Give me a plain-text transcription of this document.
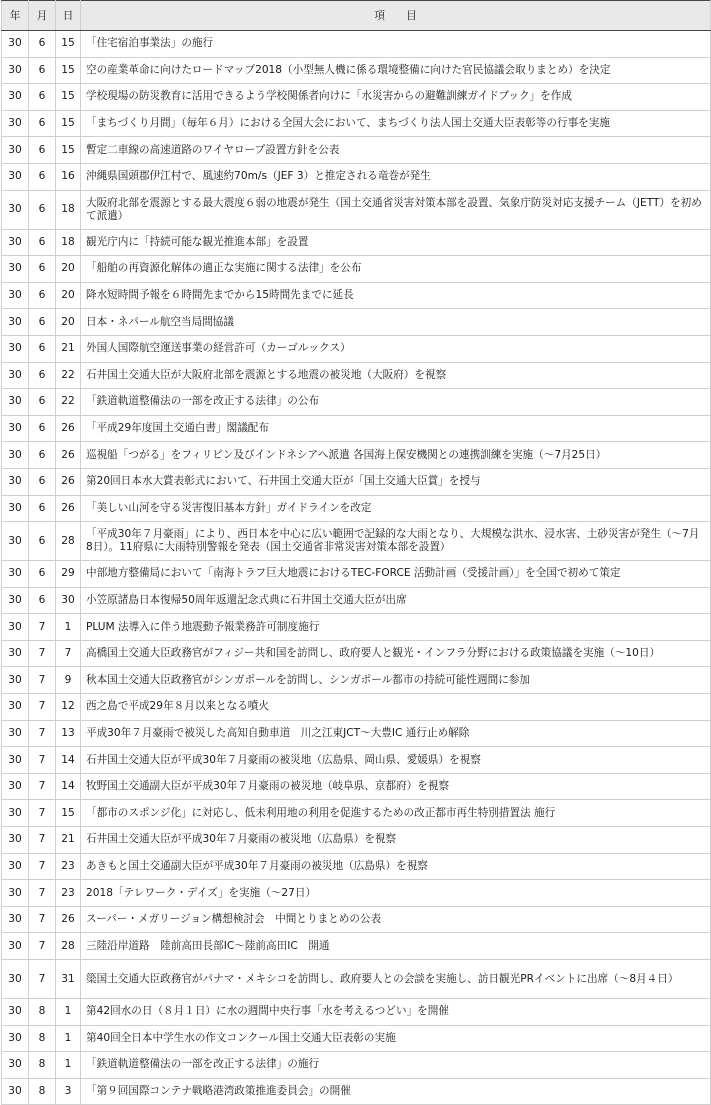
年	月	日	項　　目
30	6	15	「住宅宿泊事業法」の施行
30	6	15	空の産業革命に向けたロードマップ2018（小型無人機に係る環境整備に向けた官民協議会取りまとめ）を決定
30	6	15	学校現場の防災教育に活用できるよう学校関係者向けに「水災害からの避難訓練ガイドブック」を作成
30	6	15	「まちづくり月間」（毎年６月）における全国大会において、まちづくり法人国土交通大臣表彰等の行事を実施
30	6	15	暫定二車線の高速道路のワイヤロープ設置方針を公表
30	6	16	沖縄県国頭郡伊江村で、風速約70m/s（JEF 3）と推定される竜巻が発生
30	6	18	大阪府北部を震源とする最大震度６弱の地震が発生（国土交通省災害対策本部を設置、気象庁防災対応支援チーム（JETT）を初めて派遣）
30	6	18	観光庁内に「持続可能な観光推進本部」を設置
30	6	20	「船舶の再資源化解体の適正な実施に関する法律」を公布
30	6	20	降水短時間予報を６時間先までから15時間先までに延長
30	6	20	日本・ネパール航空当局間協議
30	6	21	外国人国際航空運送事業の経営許可（カーゴルックス）
30	6	22	石井国土交通大臣が大阪府北部を震源とする地震の被災地（大阪府）を視察
30	6	22	「鉄道軌道整備法の一部を改正する法律」の公布
30	6	26	「平成29年度国土交通白書」閣議配布
30	6	26	巡視船「つがる」をフィリピン及びインドネシアへ派遣 各国海上保安機関との連携訓練を実施（～7月25日）
30	6	26	第20回日本水大賞表彰式において、石井国土交通大臣が「国土交通大臣賞」を授与
30	6	26	「美しい山河を守る災害復旧基本方針」ガイドラインを改定
30	6	28	「平成30年７月豪雨」により、西日本を中心に広い範囲で記録的な大雨となり、大規模な洪水、浸水害、土砂災害が発生（～7月8日）。11府県に大雨特別警報を発表（国土交通省非常災害対策本部を設置）
30	6	29	中部地方整備局において「南海トラフ巨大地震におけるTEC-FORCE 活動計画（受援計画）」を全国で初めて策定
30	6	30	小笠原諸島日本復帰50周年返還記念式典に石井国土交通大臣が出席
30	7	1	PLUM 法導入に伴う地震動予報業務許可制度施行
30	7	7	高橋国土交通大臣政務官がフィジー共和国を訪問し、政府要人と観光・インフラ分野における政策協議を実施（～10日）
30	7	9	秋本国土交通大臣政務官がシンガポールを訪問し、シンガポール都市の持続可能性週間に参加
30	7	12	西之島で平成29年８月以来となる噴火
30	7	13	平成30年７月豪雨で被災した高知自動車道　川之江東JCT～大豊IC 通行止め解除
30	7	14	石井国土交通大臣が平成30年７月豪雨の被災地（広島県、岡山県、愛媛県）を視察
30	7	14	牧野国土交通副大臣が平成30年７月豪雨の被災地（岐阜県、京都府）を視察
30	7	15	「都市のスポンジ化」に対応し、低未利用地の利用を促進するための改正都市再生特別措置法 施行
30	7	21	石井国土交通大臣が平成30年７月豪雨の被災地（広島県）を視察
30	7	23	あきもと国土交通副大臣が平成30年７月豪雨の被災地（広島県）を視察
30	7	23	2018「テレワーク・デイズ」を実施（～27日）
30	7	26	スーパー・メガリージョン構想検討会　中間とりまとめの公表
30	7	28	三陸沿岸道路　陸前高田長部IC～陸前高田IC　開通
30	7	31	簗国土交通大臣政務官がパナマ・メキシコを訪問し、政府要人との会談を実施し、訪日観光PRイベントに出席（～8月４日）
30	8	1	第42回水の日（８月１日）に水の週間中央行事「水を考えるつどい」を開催
30	8	1	第40回全日本中学生水の作文コンクール国土交通大臣表彰の実施
30	8	1	「鉄道軌道整備法の一部を改正する法律」の施行
30	8	3	「第９回国際コンテナ戦略港湾政策推進委員会」の開催
